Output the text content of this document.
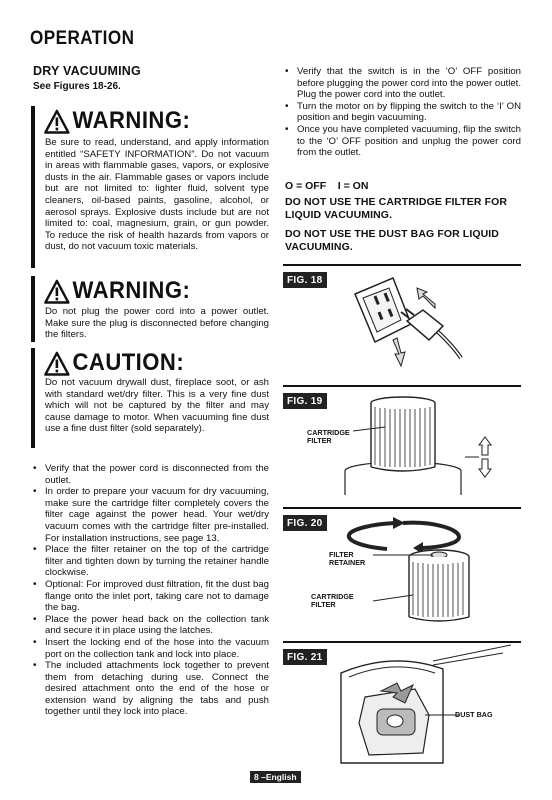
OPERATION
DRY VACUUMING
See Figures 18-26.
WARNING:
Be sure to read, understand, and apply information entitled “SAFETY INFORMATION”. Do not vacuum in areas with flammable gases, vapors, or explosive dusts in the air. Flammable gases or vapors include but are not limited to: lighter fluid, solvent type cleaners, oil-based paints, gasoline, alcohol, or aerosol sprays. Explosive dusts include but are not limited to: coal, magnesium, grain, or gun powder. To reduce the risk of health hazards from vapors or dust, do not vacuum toxic materials.
WARNING:
Do not plug the power cord into a power outlet. Make sure the plug is disconnected before changing the filters.
CAUTION:
Do not vacuum drywall dust, fireplace soot, or ash with standard wet/dry filter. This is a very fine dust which will not be captured by the filter and may cause damage to motor. When vacuuming fine dust use a fine dust filter (sold separately).
• Verify that the power cord is disconnected from the outlet.
• In order to prepare your vacuum for dry vacuuming, make sure the cartridge filter completely covers the filter cage against the power head. Your wet/dry vacuum comes with the cartridge filter pre-installed. For installation instructions, see page 13.
• Place the filter retainer on the top of the cartridge filter and tighten down by turning the retainer handle clockwise.
• Optional: For improved dust filtration, fit the dust bag flange onto the inlet port, taking care not to damage the bag.
• Place the power head back on the collection tank and secure it in place using the latches.
• Insert the locking end of the hose into the vacuum port on the collection tank and lock into place.
• The included attachments lock together to prevent them from detaching during use. Connect the desired attachment onto the end of the hose or extension wand by aligning the tabs and push together until they lock into place.
• Verify that the switch is in the ‘O’ OFF position before plugging the power cord into the power outlet. Plug the power cord into the outlet.
• Turn the motor on by flipping the switch to the ‘I’ ON position and begin vacuuming.
• Once you have completed vacuuming, flip the switch to the ‘O’ OFF position and unplug the power cord from the outlet.
O = OFF    I = ON
DO NOT USE THE CARTRIDGE FILTER FOR LIQUID VACUUMING.
DO NOT USE THE DUST BAG FOR LIQUID VACUUMING.
FIG. 18
FIG. 19
CARTRIDGE
FILTER
FIG. 20
FILTER
RETAINER
CARTRIDGE
FILTER
FIG. 21
DUST BAG
8 –English
